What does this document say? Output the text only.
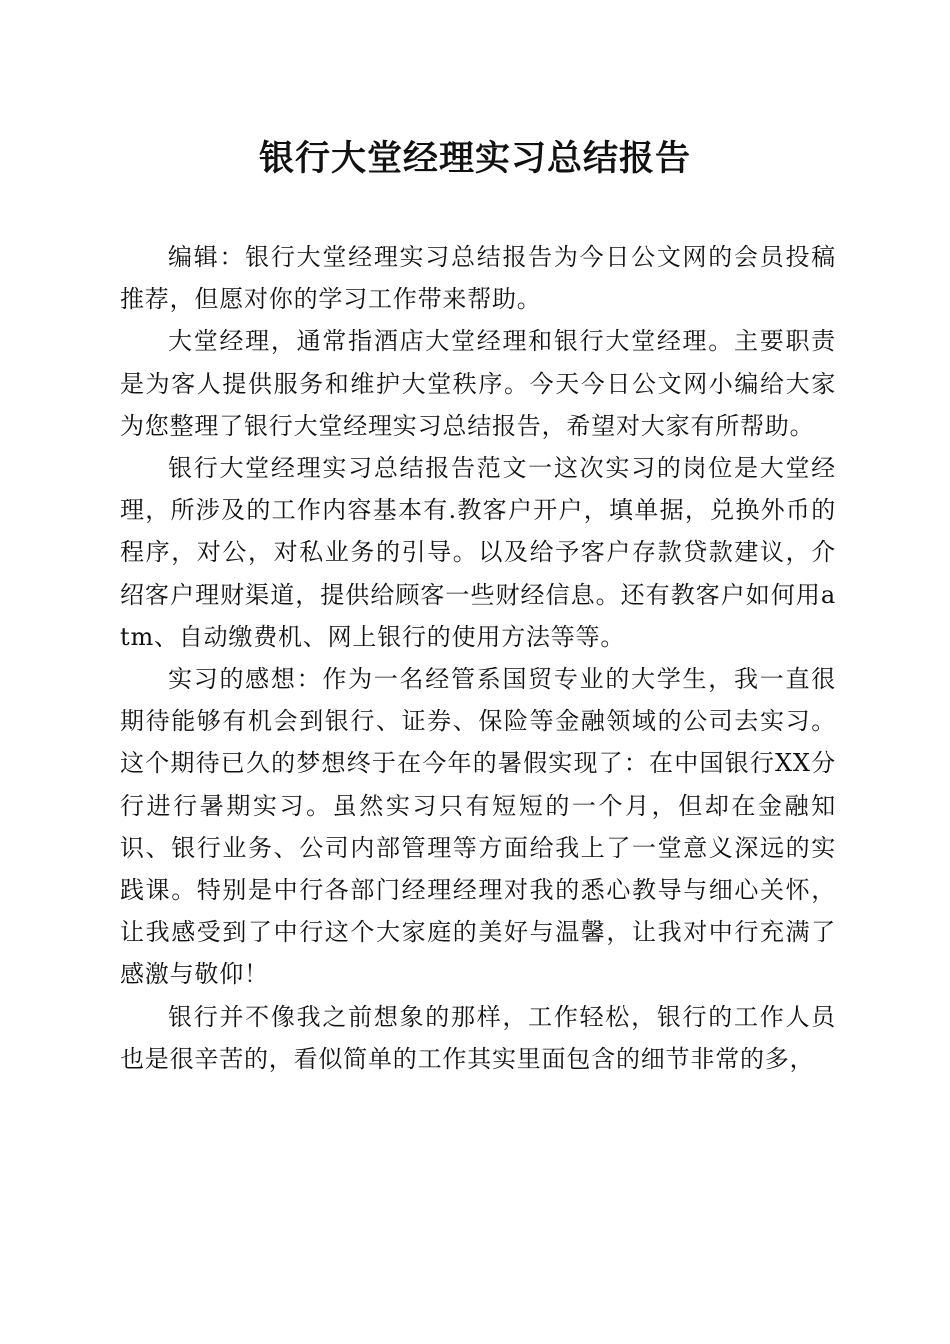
银行大堂经理实习总结报告

编辑：银行大堂经理实习总结报告为今日公文网的会员投稿推荐，但愿对你的学习工作带来帮助。

大堂经理，通常指酒店大堂经理和银行大堂经理。主要职责是为客人提供服务和维护大堂秩序。今天今日公文网小编给大家为您整理了银行大堂经理实习总结报告，希望对大家有所帮助。

银行大堂经理实习总结报告范文一这次实习的岗位是大堂经理，所涉及的工作内容基本有.教客户开户，填单据，兑换外币的程序，对公，对私业务的引导。以及给予客户存款贷款建议，介绍客户理财渠道，提供给顾客一些财经信息。还有教客户如何用atm、自动缴费机、网上银行的使用方法等等。

实习的感想：作为一名经管系国贸专业的大学生，我一直很期待能够有机会到银行、证券、保险等金融领域的公司去实习。这个期待已久的梦想终于在今年的暑假实现了：在中国银行XX分行进行暑期实习。虽然实习只有短短的一个月，但却在金融知识、银行业务、公司内部管理等方面给我上了一堂意义深远的实践课。特别是中行各部门经理经理对我的悉心教导与细心关怀，让我感受到了中行这个大家庭的美好与温馨，让我对中行充满了感激与敬仰！

银行并不像我之前想象的那样，工作轻松，银行的工作人员也是很辛苦的，看似简单的工作其实里面包含的细节非常的多，
